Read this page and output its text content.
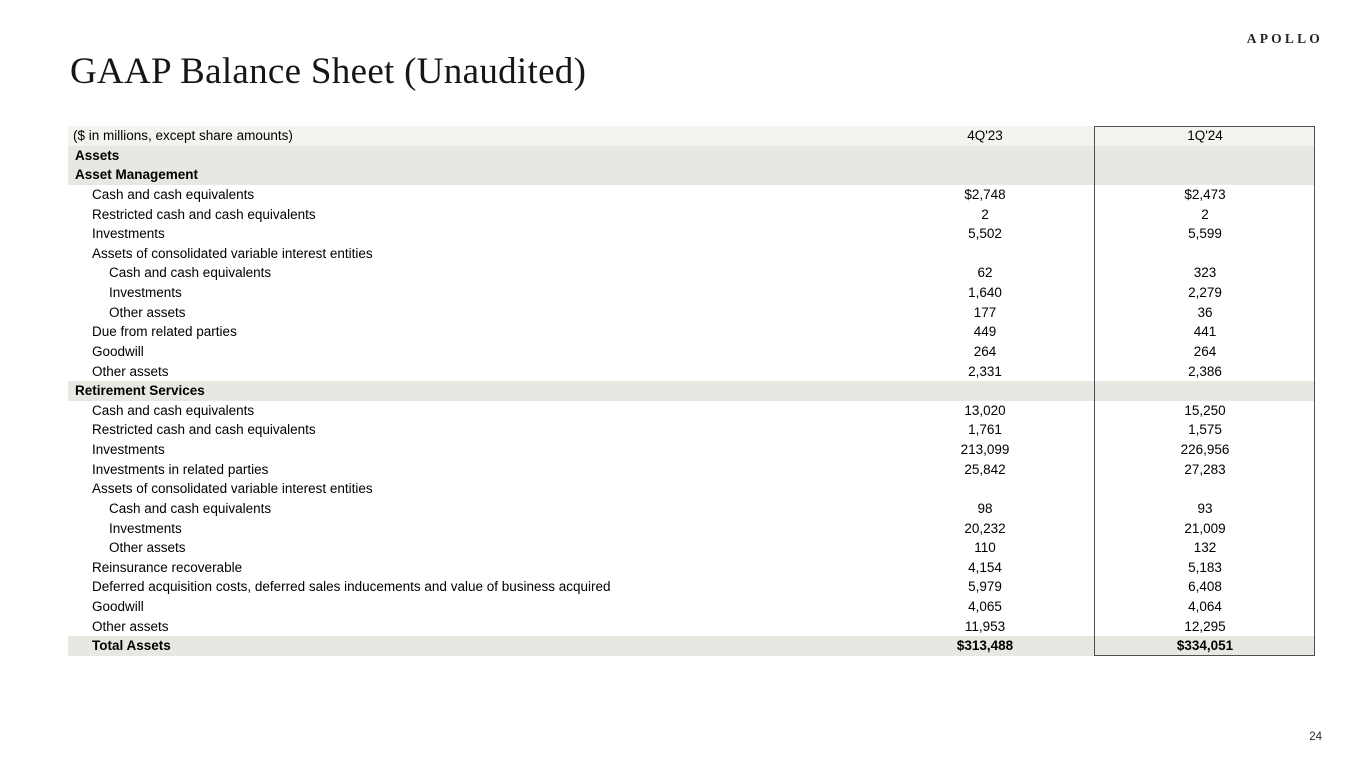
APOLLO
GAAP Balance Sheet (Unaudited)
($ in millions, except share amounts)	4Q'23	1Q'24
Assets
Asset Management
Cash and cash equivalents	$2,748	$2,473
Restricted cash and cash equivalents	2	2
Investments	5,502	5,599
Assets of consolidated variable interest entities
Cash and cash equivalents	62	323
Investments	1,640	2,279
Other assets	177	36
Due from related parties	449	441
Goodwill	264	264
Other assets	2,331	2,386
Retirement Services
Cash and cash equivalents	13,020	15,250
Restricted cash and cash equivalents	1,761	1,575
Investments	213,099	226,956
Investments in related parties	25,842	27,283
Assets of consolidated variable interest entities
Cash and cash equivalents	98	93
Investments	20,232	21,009
Other assets	110	132
Reinsurance recoverable	4,154	5,183
Deferred acquisition costs, deferred sales inducements and value of business acquired	5,979	6,408
Goodwill	4,065	4,064
Other assets	11,953	12,295
Total Assets	$313,488	$334,051
24
